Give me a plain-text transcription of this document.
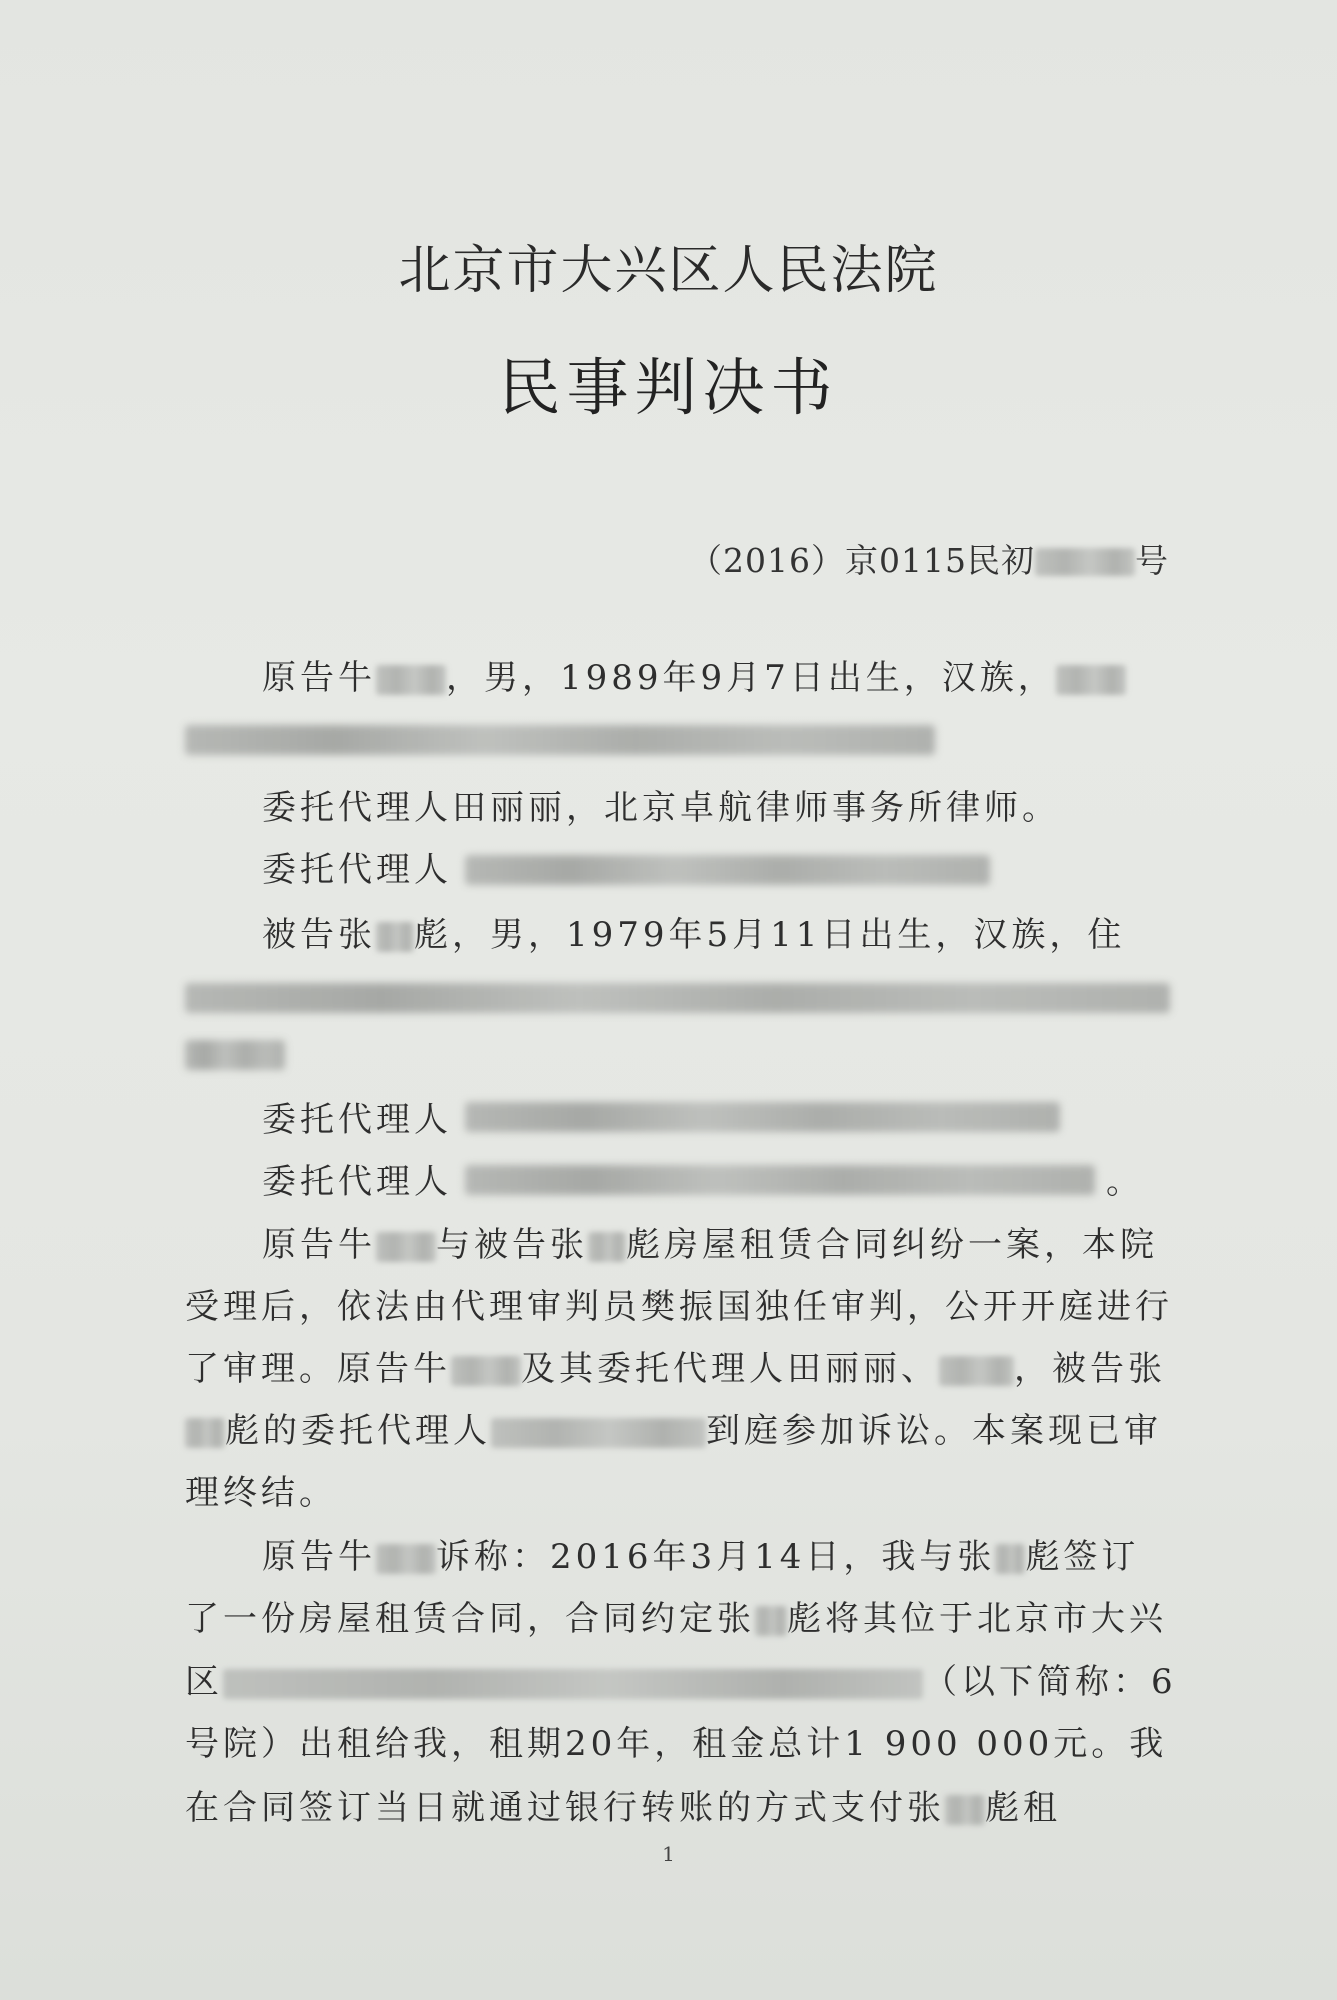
北京市大兴区人民法院
民事判决书
（2016）京0115民初	号
原告牛 ，男，1989年9月7日出生，汉族，
委托代理人田丽丽，北京卓航律师事务所律师。
委托代理人
被告张 彪，男，1979年5月11日出生，汉族，住
委托代理人
委托代理人	。
原告牛 与被告张 彪房屋租赁合同纠纷一案，本院
受理后，依法由代理审判员樊振国独任审判，公开开庭进行
了审理。原告牛 及其委托代理人田丽丽、 ，被告张
彪的委托代理人	到庭参加诉讼。本案现已审
理终结。
原告牛 诉称：2016年3月14日，我与张 彪签订
了一份房屋租赁合同，合同约定张 彪将其位于北京市大兴
区	（以下简称：6
号院）出租给我，租期20年，租金总计1 900 000元。我
在合同签订当日就通过银行转账的方式支付张 彪租
1
